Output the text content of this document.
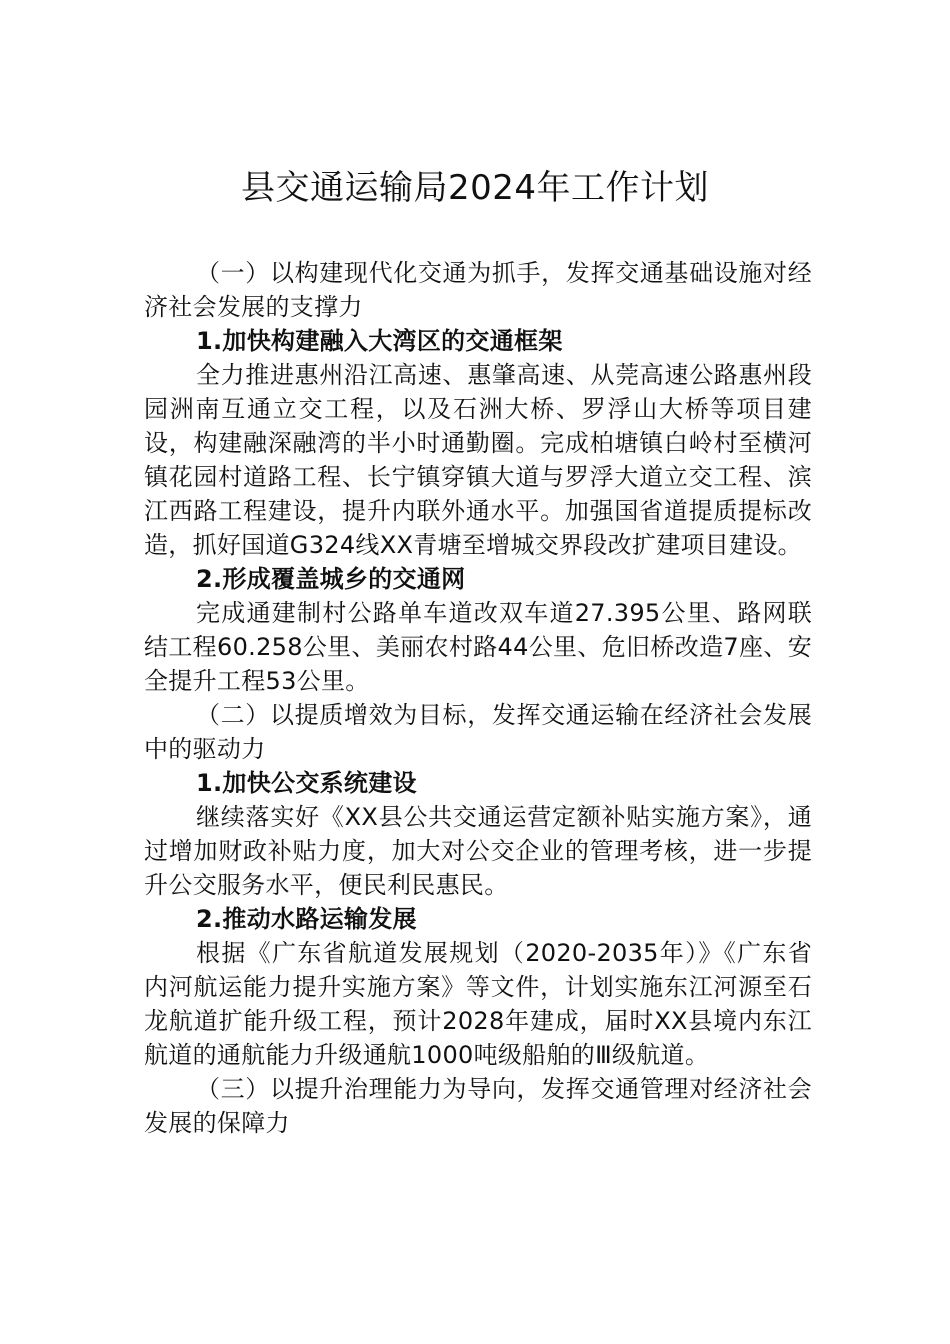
县交通运输局2024年工作计划

（一）以构建现代化交通为抓手，发挥交通基础设施对经济社会发展的支撑力

1.加快构建融入大湾区的交通框架

全力推进惠州沿江高速、惠肇高速、从莞高速公路惠州段园洲南互通立交工程，以及石洲大桥、罗浮山大桥等项目建设，构建融深融湾的半小时通勤圈。完成柏塘镇白岭村至横河镇花园村道路工程、长宁镇穿镇大道与罗浮大道立交工程、滨江西路工程建设，提升内联外通水平。加强国省道提质提标改造，抓好国道G324线XX青塘至增城交界段改扩建项目建设。

2.形成覆盖城乡的交通网

完成通建制村公路单车道改双车道27.395公里、路网联结工程60.258公里、美丽农村路44公里、危旧桥改造7座、安全提升工程53公里。

（二）以提质增效为目标，发挥交通运输在经济社会发展中的驱动力

1.加快公交系统建设

继续落实好《XX县公共交通运营定额补贴实施方案》，通过增加财政补贴力度，加大对公交企业的管理考核，进一步提升公交服务水平，便民利民惠民。

2.推动水路运输发展

根据《广东省航道发展规划（2020-2035年）》《广东省内河航运能力提升实施方案》等文件，计划实施东江河源至石龙航道扩能升级工程，预计2028年建成，届时XX县境内东江航道的通航能力升级通航1000吨级船舶的Ⅲ级航道。

（三）以提升治理能力为导向，发挥交通管理对经济社会发展的保障力
